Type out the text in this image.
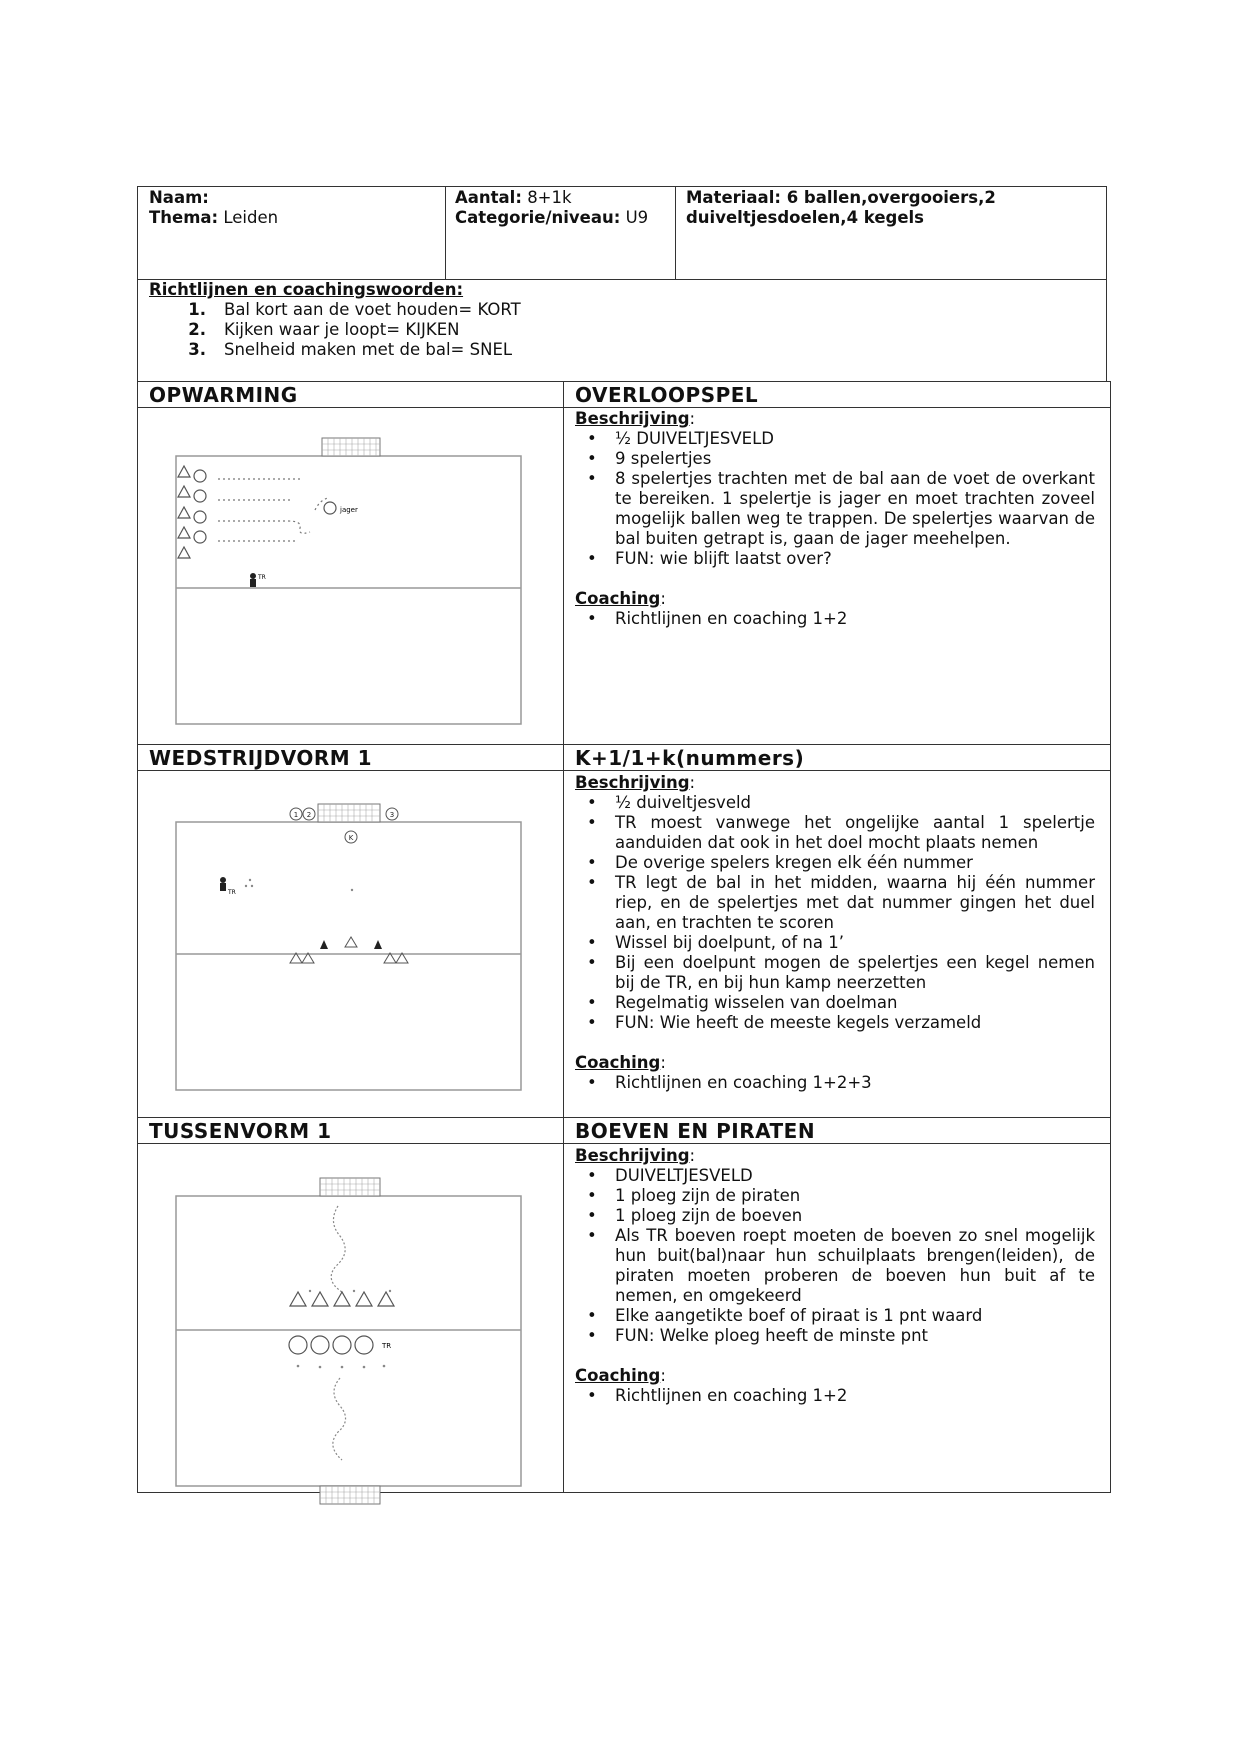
Naam:
Thema: Leiden
Aantal: 8+1k
Categorie/niveau: U9
Materiaal: 6 ballen,overgooiers,2
duiveltjesdoelen,4 kegels
Richtlijnen en coachingswoorden:
1.	Bal kort aan de voet houden= KORT
2.	Kijken waar je loopt= KIJKEN
3.	Snelheid maken met de bal= SNEL
OPWARMING	OVERLOOPSPEL
Beschrijving:
• ½ DUIVELTJESVELD
• 9 spelertjes
• 8 spelertjes trachten met de bal aan de voet de overkant te bereiken. 1 spelertje is jager en moet trachten zoveel mogelijk ballen weg te trappen. De spelertjes waarvan de bal buiten getrapt is, gaan de jager meehelpen.
• FUN: wie blijft laatst over?
Coaching:
• Richtlijnen en coaching 1+2
jager
TR
WEDSTRIJDVORM 1	K+1/1+k(nummers)
Beschrijving:
• ½ duiveltjesveld
• TR moest vanwege het ongelijke aantal 1 spelertje aanduiden dat ook in het doel mocht plaats nemen
• De overige spelers kregen elk één nummer
• TR legt de bal in het midden, waarna hij één nummer riep, en de spelertjes met dat nummer gingen het duel aan, en trachten te scoren
• Wissel bij doelpunt, of na 1’
• Bij een doelpunt mogen de spelertjes een kegel nemen bij de TR, en bij hun kamp neerzetten
• Regelmatig wisselen van doelman
• FUN: Wie heeft de meeste kegels verzameld
Coaching:
• Richtlijnen en coaching 1+2+3
1 2	3
K
TR
TUSSENVORM 1	BOEVEN EN PIRATEN
Beschrijving:
• DUIVELTJESVELD
• 1 ploeg zijn de piraten
• 1 ploeg zijn de boeven
• Als TR boeven roept moeten de boeven zo snel mogelijk hun buit(bal)naar hun schuilplaats brengen(leiden), de piraten moeten proberen de boeven hun buit af te nemen, en omgekeerd
• Elke aangetikte boef of piraat is 1 pnt waard
• FUN: Welke ploeg heeft de minste pnt
Coaching:
• Richtlijnen en coaching 1+2
TR
